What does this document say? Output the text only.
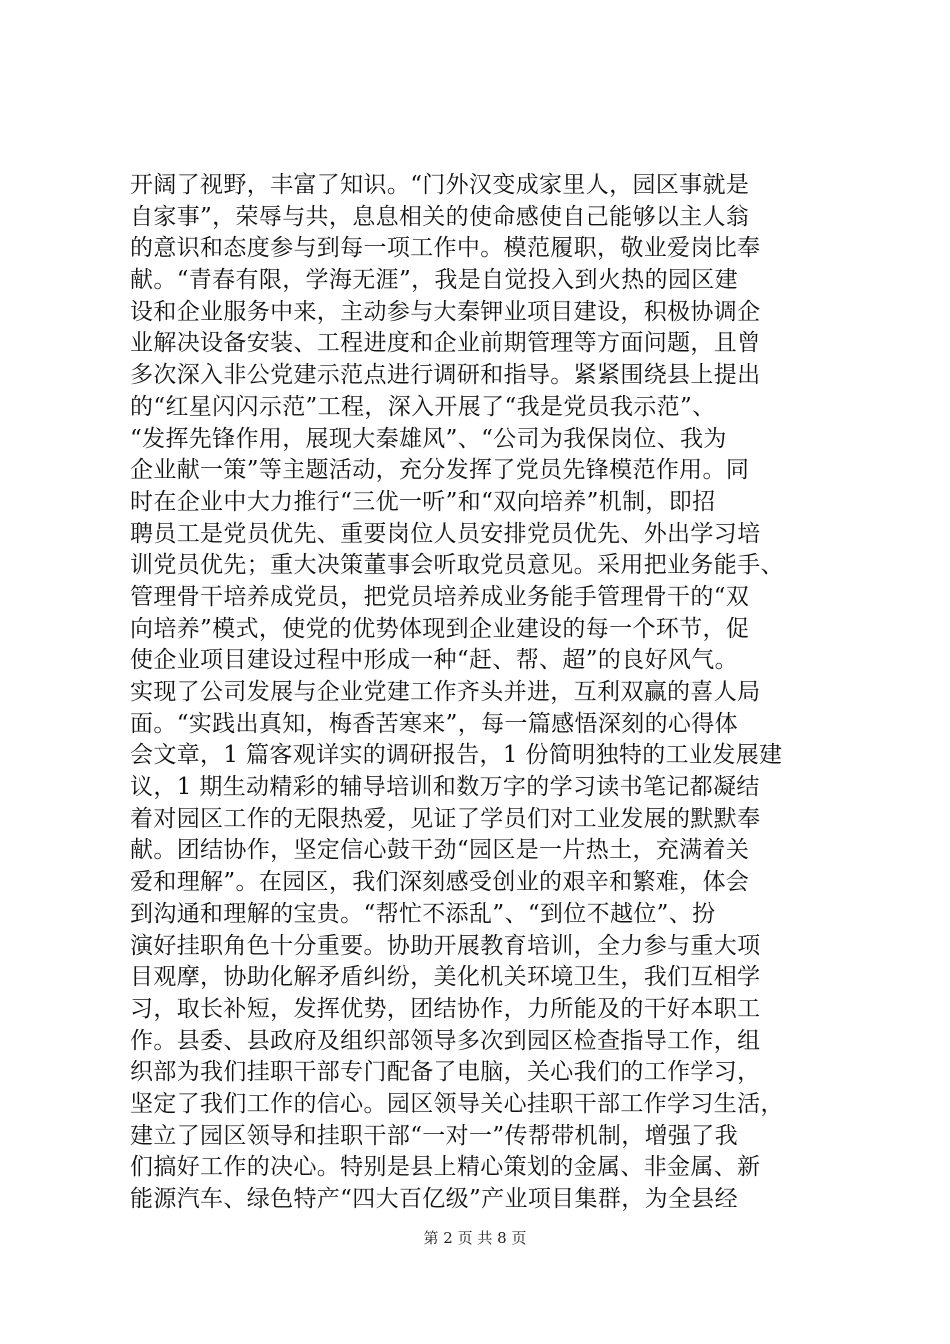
开阔了视野，丰富了知识。“门外汉变成家里人，园区事就是
自家事”，荣辱与共，息息相关的使命感使自己能够以主人翁
的意识和态度参与到每一项工作中。模范履职，敬业爱岗比奉
献。“青春有限，学海无涯”，我是自觉投入到火热的园区建
设和企业服务中来，主动参与大秦钾业项目建设，积极协调企
业解决设备安装、工程进度和企业前期管理等方面问题，且曾
多次深入非公党建示范点进行调研和指导。紧紧围绕县上提出
的“红星闪闪示范”工程，深入开展了“我是党员我示范”、
“发挥先锋作用，展现大秦雄风”、“公司为我保岗位、我为
企业献一策”等主题活动，充分发挥了党员先锋模范作用。同
时在企业中大力推行“三优一听”和“双向培养”机制，即招
聘员工是党员优先、重要岗位人员安排党员优先、外出学习培
训党员优先；重大决策董事会听取党员意见。采用把业务能手、
管理骨干培养成党员，把党员培养成业务能手管理骨干的“双
向培养”模式，使党的优势体现到企业建设的每一个环节，促
使企业项目建设过程中形成一种“赶、帮、超”的良好风气。
实现了公司发展与企业党建工作齐头并进，互利双赢的喜人局
面。“实践出真知，梅香苦寒来”，每一篇感悟深刻的心得体
会文章，1 篇客观详实的调研报告，1 份简明独特的工业发展建
议，1 期生动精彩的辅导培训和数万字的学习读书笔记都凝结
着对园区工作的无限热爱，见证了学员们对工业发展的默默奉
献。团结协作，坚定信心鼓干劲“园区是一片热土，充满着关
爱和理解”。在园区，我们深刻感受创业的艰辛和繁难，体会
到沟通和理解的宝贵。“帮忙不添乱”、“到位不越位”、扮
演好挂职角色十分重要。协助开展教育培训，全力参与重大项
目观摩，协助化解矛盾纠纷，美化机关环境卫生，我们互相学
习，取长补短，发挥优势，团结协作，力所能及的干好本职工
作。县委、县政府及组织部领导多次到园区检查指导工作，组
织部为我们挂职干部专门配备了电脑，关心我们的工作学习，
坚定了我们工作的信心。园区领导关心挂职干部工作学习生活，
建立了园区领导和挂职干部“一对一”传帮带机制，增强了我
们搞好工作的决心。特别是县上精心策划的金属、非金属、新
能源汽车、绿色特产“四大百亿级”产业项目集群，为全县经
第 2 页 共 8 页
